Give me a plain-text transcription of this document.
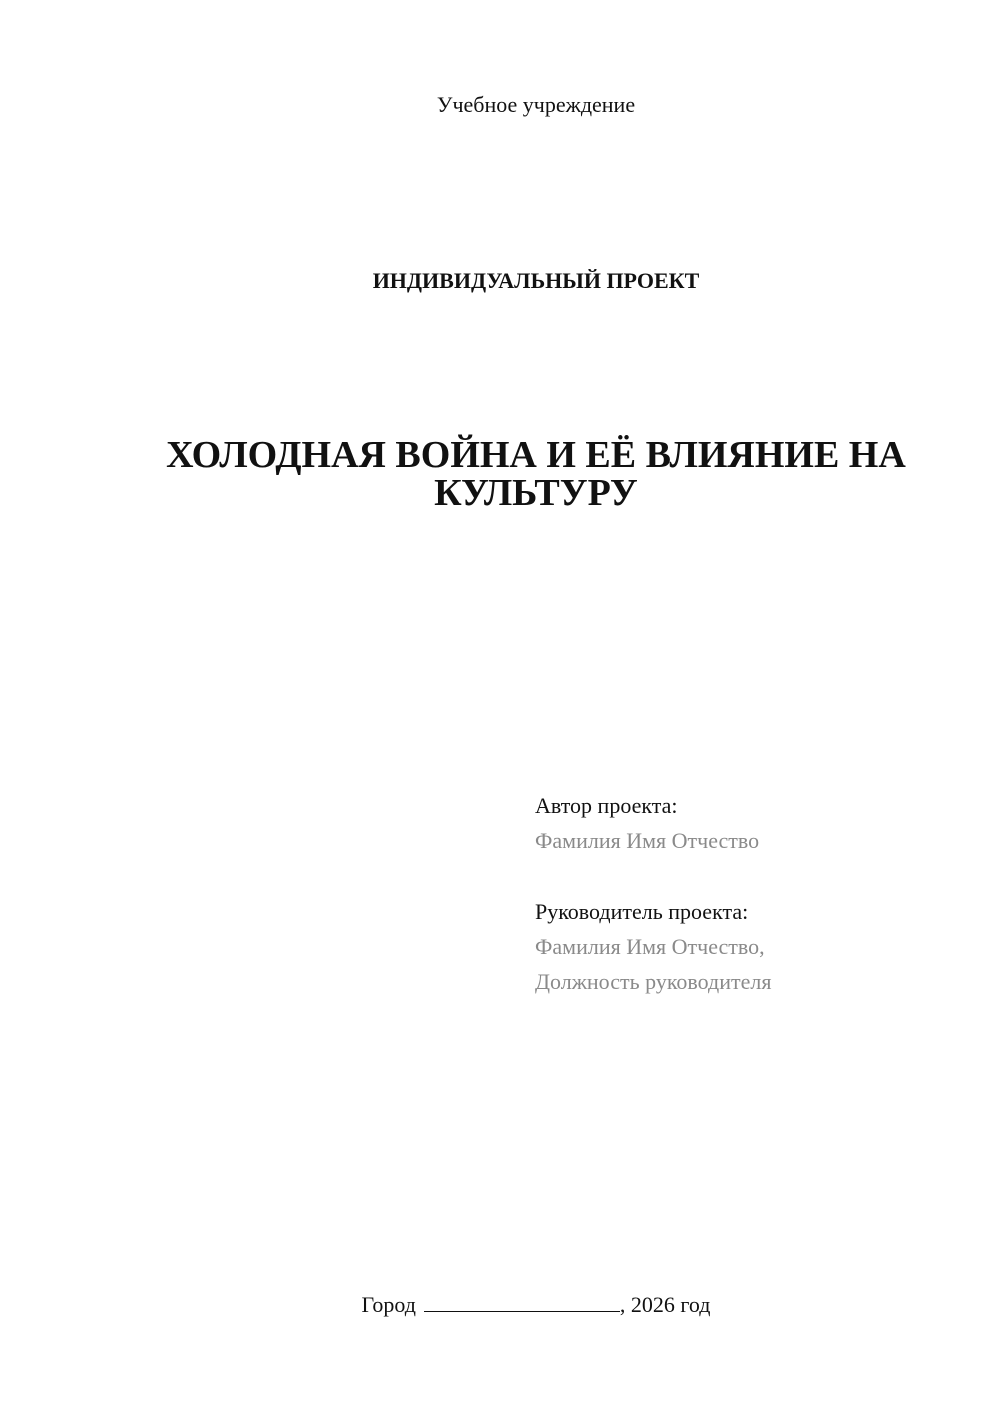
Учебное учреждение
ИНДИВИДУАЛЬНЫЙ ПРОЕКТ
ХОЛОДНАЯ ВОЙНА И ЕЁ ВЛИЯНИЕ НА
КУЛЬТУРУ
Автор проекта:
Фамилия Имя Отчество
Руководитель проекта:
Фамилия Имя Отчество,
Должность руководителя
Город	, 2026 год
